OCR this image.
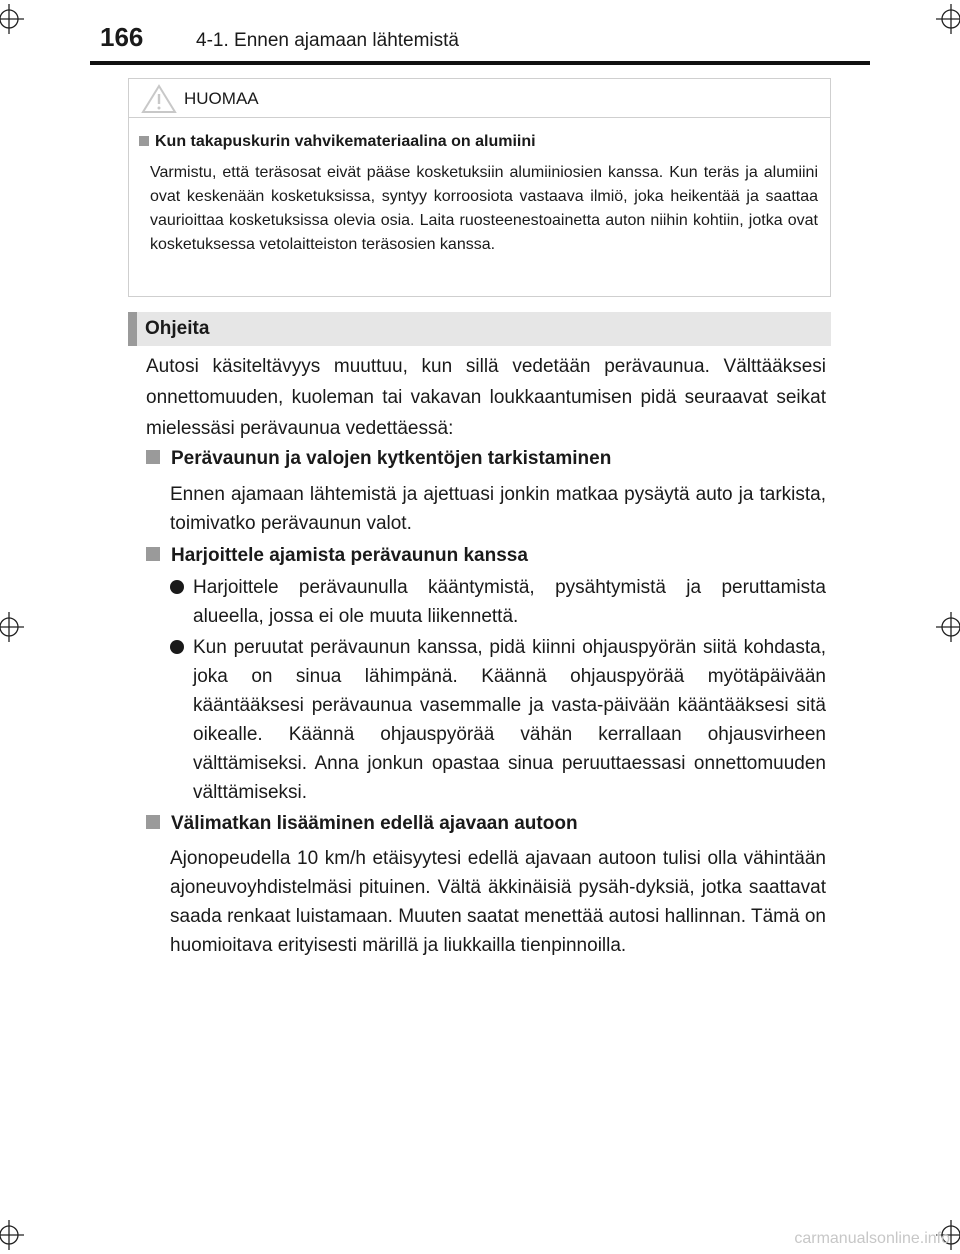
166	4-1. Ennen ajamaan lähtemistä
HUOMAA
Kun takapuskurin vahvikemateriaalina on alumiini
Varmistu, että teräsosat eivät pääse kosketuksiin alumiiniosien kanssa. Kun teräs ja alumiini ovat keskenään kosketuksissa, syntyy korroosiota vastaava ilmiö, joka heikentää ja saattaa vaurioittaa kosketuksissa olevia osia. Laita ruosteenestoainetta auton niihin kohtiin, jotka ovat kosketuksessa vetolaitteiston teräsosien kanssa.
Ohjeita
Autosi käsiteltävyys muuttuu, kun sillä vedetään perävaunua. Välttääksesi onnettomuuden, kuoleman tai vakavan loukkaantumisen pidä seuraavat seikat mielessäsi perävaunua vedettäessä:
Perävaunun ja valojen kytkentöjen tarkistaminen
Ennen ajamaan lähtemistä ja ajettuasi jonkin matkaa pysäytä auto ja tarkista, toimivatko perävaunun valot.
Harjoittele ajamista perävaunun kanssa
Harjoittele perävaunulla kääntymistä, pysähtymistä ja peruttamista alueella, jossa ei ole muuta liikennettä.
Kun peruutat perävaunun kanssa, pidä kiinni ohjauspyörän siitä kohdasta, joka on sinua lähimpänä. Käännä ohjauspyörää myötäpäivään kääntääksesi perävaunua vasemmalle ja vasta-päivään kääntääksesi sitä oikealle. Käännä ohjauspyörää vähän kerrallaan ohjausvirheen välttämiseksi. Anna jonkun opastaa sinua peruuttaessasi onnettomuuden välttämiseksi.
Välimatkan lisääminen edellä ajavaan autoon
Ajonopeudella 10 km/h etäisyytesi edellä ajavaan autoon tulisi olla vähintään ajoneuvoyhdistelmäsi pituinen. Vältä äkkinäisiä pysäh-dyksiä, jotka saattavat saada renkaat luistamaan. Muuten saatat menettää autosi hallinnan. Tämä on huomioitava erityisesti märillä ja liukkailla tienpinnoilla.
carmanualsonline.info
